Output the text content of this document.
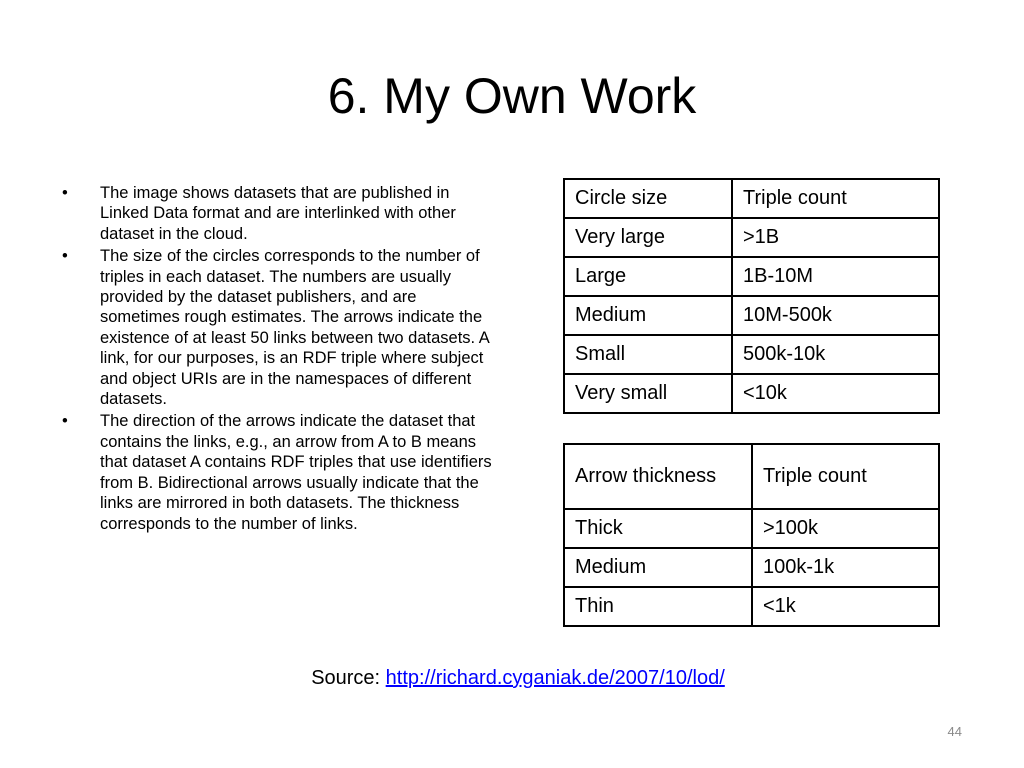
6. My Own Work
• The image shows datasets that are published in Linked Data format and are interlinked with other dataset in the cloud.
• The size of the circles corresponds to the number of triples in each dataset. The numbers are usually provided by the dataset publishers, and are sometimes rough estimates. The arrows indicate the existence of at least 50 links between two datasets. A link, for our purposes, is an RDF triple where subject and object URIs are in the namespaces of different datasets.
• The direction of the arrows indicate the dataset that contains the links, e.g., an arrow from A to B means that dataset A contains RDF triples that use identifiers from B. Bidirectional arrows usually indicate that the links are mirrored in both datasets. The thickness corresponds to the number of links.
Circle size	Triple count
Very large	>1B
Large	1B-10M
Medium	10M-500k
Small	500k-10k
Very small	<10k
Arrow thickness	Triple count
Thick	>100k
Medium	100k-1k
Thin	<1k
Source: http://richard.cyganiak.de/2007/10/lod/
44
